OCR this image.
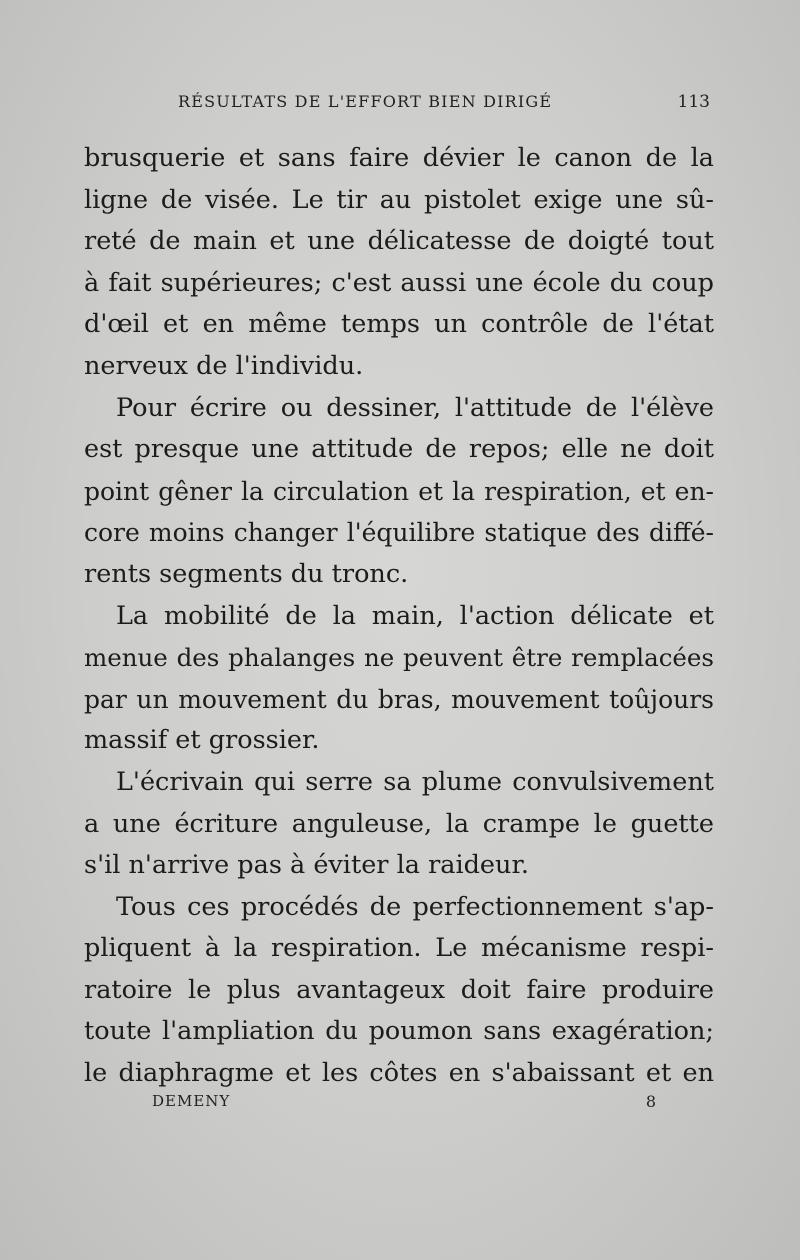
RÉSULTATS DE L'EFFORT BIEN DIRIGÉ	113
brusquerie et sans faire dévier le canon de la
ligne de visée. Le tir au pistolet exige une sû-
reté de main et une délicatesse de doigté tout
à fait supérieures; c'est aussi une école du coup
d'œil et en même temps un contrôle de l'état
nerveux de l'individu.
Pour écrire ou dessiner, l'attitude de l'élève
est presque une attitude de repos; elle ne doit
point gêner la circulation et la respiration, et en-
core moins changer l'équilibre statique des diffé-
rents segments du tronc.
La mobilité de la main, l'action délicate et
menue des phalanges ne peuvent être remplacées
par un mouvement du bras, mouvement toûjours
massif et grossier.
L'écrivain qui serre sa plume convulsivement
a une écriture anguleuse, la crampe le guette
s'il n'arrive pas à éviter la raideur.
Tous ces procédés de perfectionnement s'ap-
pliquent à la respiration. Le mécanisme respi-
ratoire le plus avantageux doit faire produire
toute l'ampliation du poumon sans exagération;
le diaphragme et les côtes en s'abaissant et en
DEMENY	8
